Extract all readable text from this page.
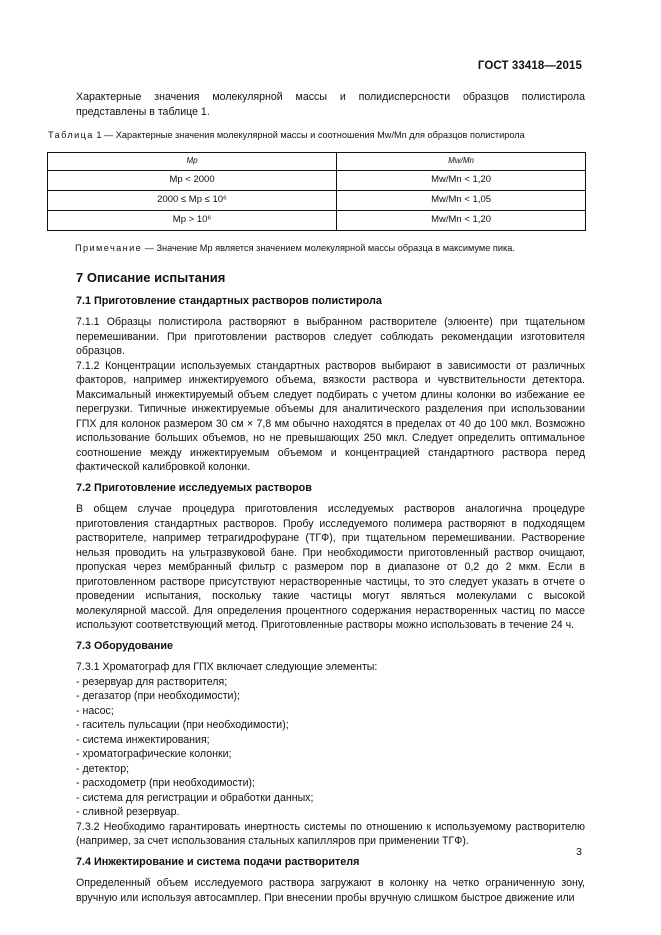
ГОСТ 33418—2015

Характерные значения молекулярной массы и полидисперсности образцов полистирола представлены в таблице 1.

Таблица 1 — Характерные значения молекулярной массы и соотношения Mw/Mn для образцов полистирола
Mp	Mw/Mn
Mp < 2000	Mw/Mn < 1,20
2000 ≤ Mp ≤ 10⁶	Mw/Mn < 1,05
Mp > 10⁶	Mw/Mn < 1,20
Примечание — Значение Mp является значением молекулярной массы образца в максимуме пика.
7 Описание испытания
7.1 Приготовление стандартных растворов полистирола

7.1.1 Образцы полистирола растворяют в выбранном растворителе (элюенте) при тщательном перемешивании. При приготовлении растворов следует соблюдать рекомендации изготовителя образцов.

7.1.2 Концентрации используемых стандартных растворов выбирают в зависимости от различных факторов, например инжектируемого объема, вязкости раствора и чувствительности детектора. Максимальный инжектируемый объем следует подбирать с учетом длины колонки во избежание ее перегрузки. Типичные инжектируемые объемы для аналитического разделения при использовании ГПХ для колонок размером 30 см × 7,8 мм обычно находятся в пределах от 40 до 100 мкл. Возможно использование больших объемов, но не превышающих 250 мкл. Следует определить оптимальное соотношение между инжектируемым объемом и концентрацией стандартного раствора перед фактической калибровкой колонки.

7.2 Приготовление исследуемых растворов

В общем случае процедура приготовления исследуемых растворов аналогична процедуре приготовления стандартных растворов. Пробу исследуемого полимера растворяют в подходящем растворителе, например тетрагидрофуране (ТГФ), при тщательном перемешивании. Растворение нельзя проводить на ультразвуковой бане. При необходимости приготовленный раствор очищают, пропуская через мембранный фильтр с размером пор в диапазоне от 0,2 до 2 мкм. Если в приготовленном растворе присутствуют нерастворенные частицы, то это следует указать в отчете о проведении испытания, поскольку такие частицы могут являться молекулами с высокой молекулярной массой. Для определения процентного содержания нерастворенных частиц по массе используют соответствующий метод. Приготовленные растворы можно использовать в течение 24 ч.

7.3 Оборудование

7.3.1 Хроматограф для ГПХ включает следующие элементы:

- резервуар для растворителя;
- дегазатор (при необходимости);
- насос;
- гаситель пульсации (при необходимости);
- система инжектирования;
- хроматографические колонки;
- детектор;
- расходометр (при необходимости);
- система для регистрации и обработки данных;
- сливной резервуар.

7.3.2 Необходимо гарантировать инертность системы по отношению к используемому растворителю (например, за счет использования стальных капилляров при применении ТГФ).

7.4 Инжектирование и система подачи растворителя

Определенный объем исследуемого раствора загружают в колонку на четко ограниченную зону, вручную или используя автосамплер. При внесении пробы вручную слишком быстрое движение или

3
